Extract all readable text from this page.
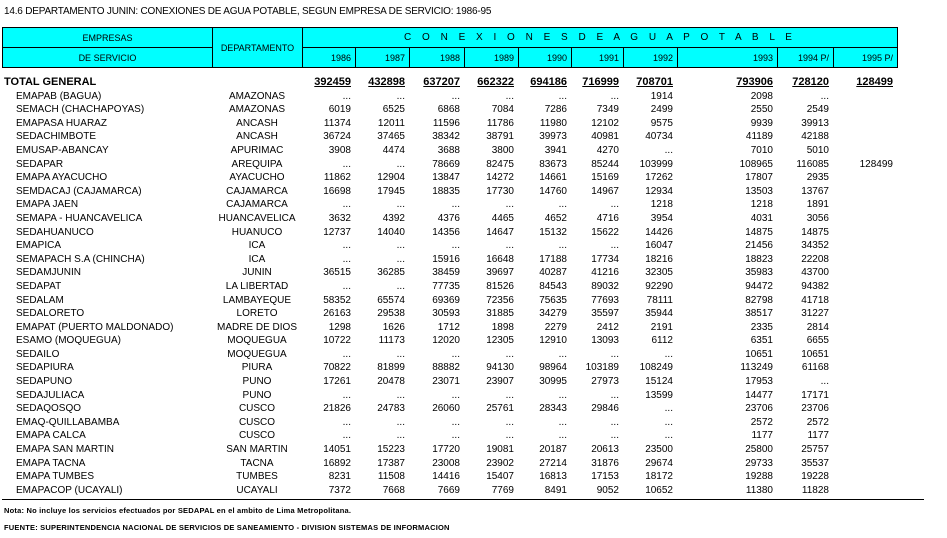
14.6 DEPARTAMENTO JUNIN: CONEXIONES DE AGUA POTABLE, SEGUN EMPRESA DE SERVICIO: 1986-95
EMPRESAS	DEPARTAMENTO	C O N E X I O N E S D E A G U A P O T A B L E									
DE SERVICIO		1986	1987	1988	1989	1990	1991	1992	1993	1994 P/	1995 P/
TOTAL GENERAL		392459	432898	637207	662322	694186	716999	708701	793906	728120	128499
EMAPAB (BAGUA)	AMAZONAS	...	...	...	...	...	...	1914	2098	...	
SEMACH (CHACHAPOYAS)	AMAZONAS	6019	6525	6868	7084	7286	7349	2499	2550	2549	
EMAPASA HUARAZ	ANCASH	11374	12011	11596	11786	11980	12102	9575	9939	39913	
SEDACHIMBOTE	ANCASH	36724	37465	38342	38791	39973	40981	40734	41189	42188	
EMUSAP-ABANCAY	APURIMAC	3908	4474	3688	3800	3941	4270	...	7010	5010	
SEDAPAR	AREQUIPA	...	...	78669	82475	83673	85244	103999	108965	116085	128499
EMAPA AYACUCHO	AYACUCHO	11862	12904	13847	14272	14661	15169	17262	17807	2935	
SEMDACAJ (CAJAMARCA)	CAJAMARCA	16698	17945	18835	17730	14760	14967	12934	13503	13767	
EMAPA JAEN	CAJAMARCA	...	...	...	...	...	...	1218	1218	1891	
SEMAPA - HUANCAVELICA	HUANCAVELICA	3632	4392	4376	4465	4652	4716	3954	4031	3056	
SEDAHUANUCO	HUANUCO	12737	14040	14356	14647	15132	15622	14426	14875	14875	
EMAPICA	ICA	...	...	...	...	...	...	16047	21456	34352	
SEMAPACH S.A (CHINCHA)	ICA	...	...	15916	16648	17188	17734	18216	18823	22208	
SEDAMJUNIN	JUNIN	36515	36285	38459	39697	40287	41216	32305	35983	43700	
SEDAPAT	LA LIBERTAD	...	...	77735	81526	84543	89032	92290	94472	94382	
SEDALAM	LAMBAYEQUE	58352	65574	69369	72356	75635	77693	78111	82798	41718	
SEDALORETO	LORETO	26163	29538	30593	31885	34279	35597	35944	38517	31227	
EMAPAT (PUERTO MALDONADO)	MADRE DE DIOS	1298	1626	1712	1898	2279	2412	2191	2335	2814	
ESAMO (MOQUEGUA)	MOQUEGUA	10722	11173	12020	12305	12910	13093	6112	6351	6655	
SEDAILO	MOQUEGUA	...	...	...	...	...	...	...	10651	10651	
SEDAPIURA	PIURA	70822	81899	88882	94130	98964	103189	108249	113249	61168	
SEDAPUNO	PUNO	17261	20478	23071	23907	30995	27973	15124	17953	...	
SEDAJULIACA	PUNO	...	...	...	...	...	...	13599	14477	17171	
SEDAQOSQO	CUSCO	21826	24783	26060	25761	28343	29846	...	23706	23706	
EMAQ-QUILLABAMBA	CUSCO	...	...	...	...	...	...	...	2572	2572	
EMAPA CALCA	CUSCO	...	...	...	...	...	...	...	1177	1177	
EMAPA SAN MARTIN	SAN MARTIN	14051	15223	17720	19081	20187	20613	23500	25800	25757	
EMAPA TACNA	TACNA	16892	17387	23008	23902	27214	31876	29674	29733	35537	
EMAPA TUMBES	TUMBES	8231	11508	14416	15407	16813	17153	18172	19288	19228	
EMAPACOP (UCAYALI)	UCAYALI	7372	7668	7669	7769	8491	9052	10652	11380	11828	
Nota: No incluye los servicios efectuados por SEDAPAL en el ambito de Lima Metropolitana.
FUENTE: SUPERINTENDENCIA NACIONAL DE SERVICIOS DE SANEAMIENTO - DIVISION SISTEMAS DE INFORMACION
